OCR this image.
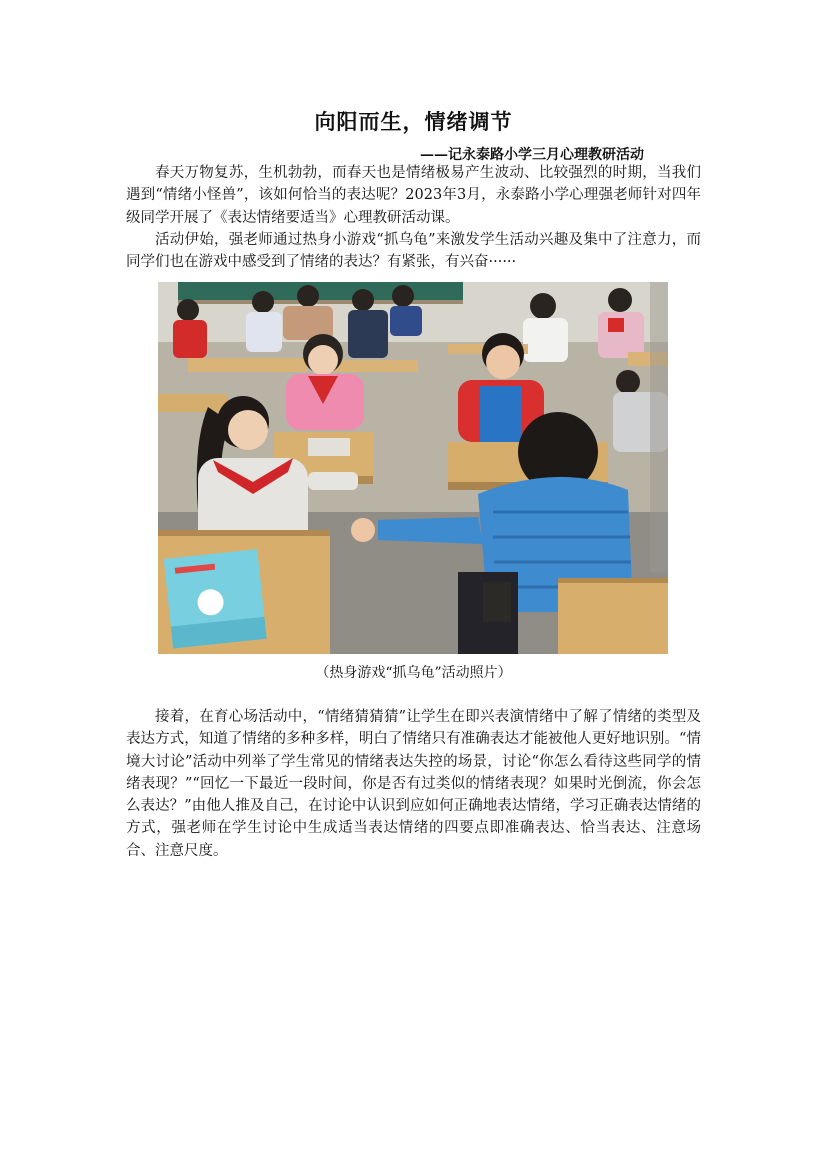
向阳而生，情绪调节
——记永泰路小学三月心理教研活动
春天万物复苏，生机勃勃，而春天也是情绪极易产生波动、比较强烈的时期，当我们遇到“情绪小怪兽”，该如何恰当的表达呢？2023年3月，永泰路小学心理强老师针对四年级同学开展了《表达情绪要适当》心理教研活动课。
活动伊始，强老师通过热身小游戏“抓乌龟”来激发学生活动兴趣及集中了注意力，而同学们也在游戏中感受到了情绪的表达？有紧张，有兴奋······
（热身游戏“抓乌龟”活动照片）
接着，在育心场活动中，“情绪猜猜猜”让学生在即兴表演情绪中了解了情绪的类型及表达方式，知道了情绪的多种多样，明白了情绪只有准确表达才能被他人更好地识别。“情境大讨论”活动中列举了学生常见的情绪表达失控的场景，讨论“你怎么看待这些同学的情绪表现？”“回忆一下最近一段时间，你是否有过类似的情绪表现？如果时光倒流，你会怎么表达？”由他人推及自己，在讨论中认识到应如何正确地表达情绪，学习正确表达情绪的方式，强老师在学生讨论中生成适当表达情绪的四要点即准确表达、恰当表达、注意场合、注意尺度。
